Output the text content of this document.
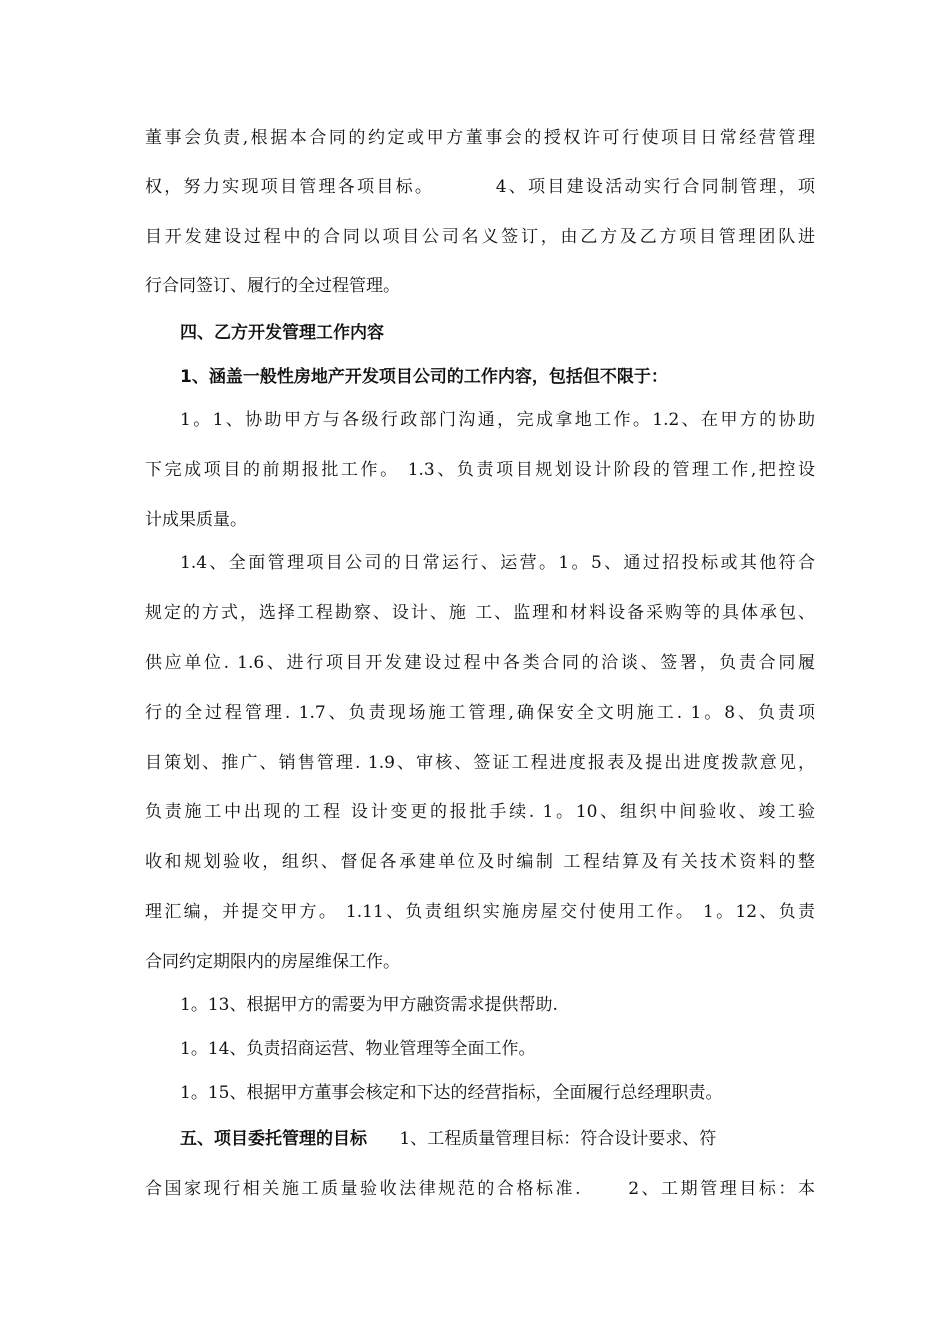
董事会负责,根据本合同的约定或甲方董事会的授权许可行使项目日常经营管理

权，努力实现项目管理各项目标。        4、项目建设活动实行合同制管理，项

目开发建设过程中的合同以项目公司名义签订，由乙方及乙方项目管理团队进

行合同签订、履行的全过程管理。

四、乙方开发管理工作内容

1、涵盖一般性房地产开发项目公司的工作内容，包括但不限于：

1。1、协助甲方与各级行政部门沟通，完成拿地工作。1.2、在甲方的协助

下完成项目的前期报批工作。 1.3、负责项目规划设计阶段的管理工作,把控设

计成果质量。

1.4、全面管理项目公司的日常运行、运营。1。5、通过招投标或其他符合

规定的方式，选择工程勘察、设计、施 工、监理和材料设备采购等的具体承包、

供应单位. 1.6、进行项目开发建设过程中各类合同的洽谈、签署，负责合同履

行的全过程管理. 1.7、负责现场施工管理,确保安全文明施工. 1。8、负责项

目策划、推广、销售管理. 1.9、审核、签证工程进度报表及提出进度拨款意见，

负责施工中出现的工程 设计变更的报批手续. 1。10、组织中间验收、竣工验

收和规划验收，组织、督促各承建单位及时编制 工程结算及有关技术资料的整

理汇编，并提交甲方。 1.11、负责组织实施房屋交付使用工作。 1。12、负责

合同约定期限内的房屋维保工作。

1。13、根据甲方的需要为甲方融资需求提供帮助.

1。14、负责招商运营、物业管理等全面工作。

1。15、根据甲方董事会核定和下达的经营指标，全面履行总经理职责。

五、项目委托管理的目标      1、工程质量管理目标：符合设计要求、符

合国家现行相关施工质量验收法律规范的合格标准.      2、工期管理目标：本
